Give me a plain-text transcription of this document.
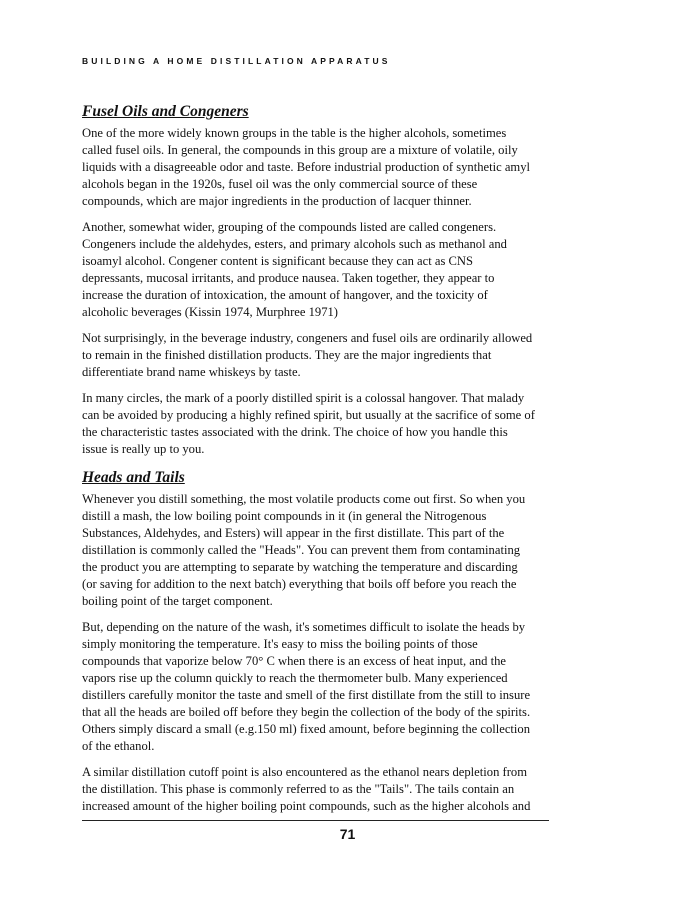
BUILDING A HOME DISTILLATION APPARATUS
Fusel Oils and Congeners
One of the more widely known groups in the table is the higher alcohols, sometimes
called fusel oils. In general, the compounds in this group are a mixture of volatile, oily
liquids with a disagreeable odor and taste. Before industrial production of synthetic amyl
alcohols began in the 1920s, fusel oil was the only commercial source of these
compounds, which are major ingredients in the production of lacquer thinner.
Another, somewhat wider, grouping of the compounds listed are called congeners.
Congeners include the aldehydes, esters, and primary alcohols such as methanol and
isoamyl alcohol. Congener content is significant because they can act as CNS
depressants, mucosal irritants, and produce nausea. Taken together, they appear to
increase the duration of intoxication, the amount of hangover, and the toxicity of
alcoholic beverages (Kissin 1974, Murphree 1971)
Not surprisingly, in the beverage industry, congeners and fusel oils are ordinarily allowed
to remain in the finished distillation products. They are the major ingredients that
differentiate brand name whiskeys by taste.
In many circles, the mark of a poorly distilled spirit is a colossal hangover. That malady
can be avoided by producing a highly refined spirit, but usually at the sacrifice of some of
the characteristic tastes associated with the drink. The choice of how you handle this
issue is really up to you.
Heads and Tails
Whenever you distill something, the most volatile products come out first. So when you
distill a mash, the low boiling point compounds in it (in general the Nitrogenous
Substances, Aldehydes, and Esters) will appear in the first distillate. This part of the
distillation is commonly called the "Heads". You can prevent them from contaminating
the product you are attempting to separate by watching the temperature and discarding
(or saving for addition to the next batch) everything that boils off before you reach the
boiling point of the target component.
But, depending on the nature of the wash, it's sometimes difficult to isolate the heads by
simply monitoring the temperature. It's easy to miss the boiling points of those
compounds that vaporize below 70° C when there is an excess of heat input, and the
vapors rise up the column quickly to reach the thermometer bulb. Many experienced
distillers carefully monitor the taste and smell of the first distillate from the still to insure
that all the heads are boiled off before they begin the collection of the body of the spirits.
Others simply discard a small (e.g.150 ml) fixed amount, before beginning the collection
of the ethanol.
A similar distillation cutoff point is also encountered as the ethanol nears depletion from
the distillation. This phase is commonly referred to as the "Tails". The tails contain an
increased amount of the higher boiling point compounds, such as the higher alcohols and
71
